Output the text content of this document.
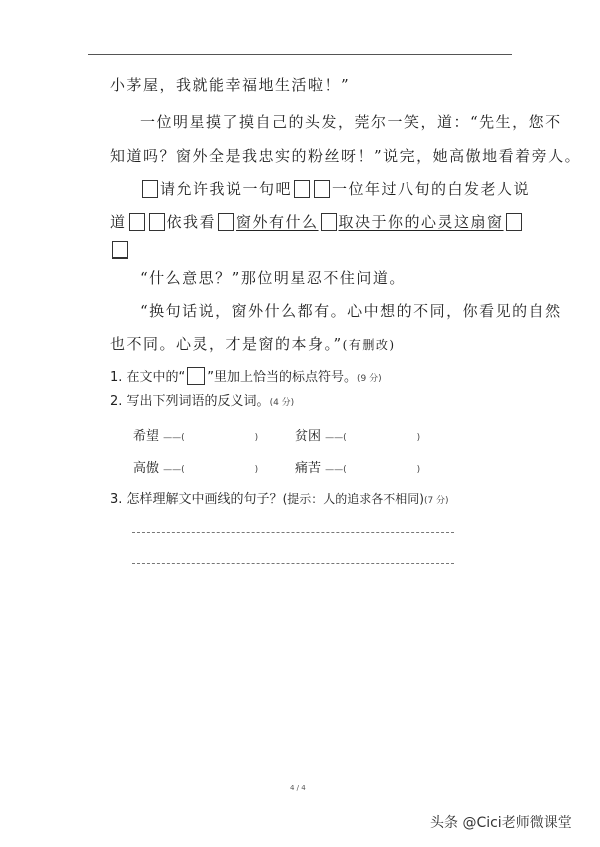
小茅屋，我就能幸福地生活啦！”
一位明星摸了摸自己的头发，莞尔一笑，道：“先生，您不
知道吗？窗外全是我忠实的粉丝呀！”说完，她高傲地看着旁人。
请允许我说一句吧	一位年过八旬的白发老人说
道	依我看 窗外有什么 取决于你的心灵这扇窗
“什么意思？”那位明星忍不住问道。
“换句话说，窗外什么都有。心中想的不同，你看见的自然
也不同。心灵，才是窗的本身。”(有删改)
1. 在文中的“ ”里加上恰当的标点符号。(9 分)
2. 写出下列词语的反义词。(4 分)
希望 ——(	)	贫困 ——(	)
高傲 ——(	)	痛苦 ——(	)
3. 怎样理解文中画线的句子？(提示：人的追求各不相同)(7 分)
4 / 4
头条 @Cici老师微课堂
